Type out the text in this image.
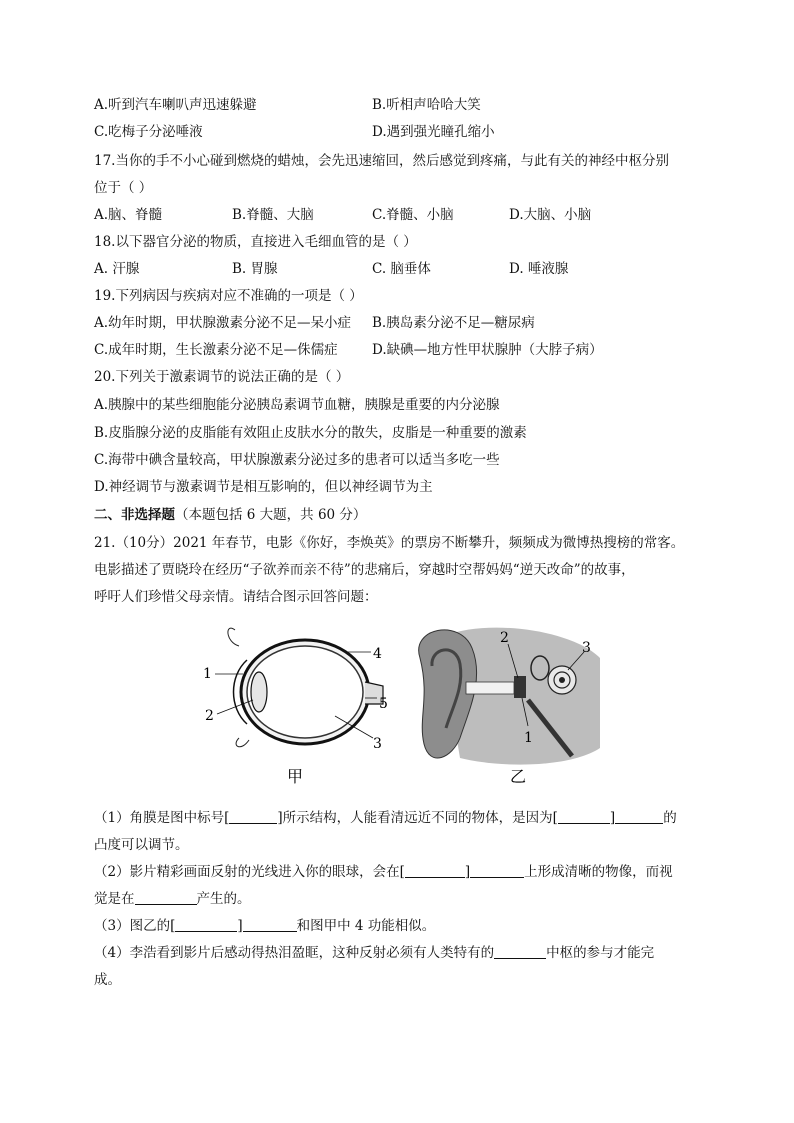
A.听到汽车喇叭声迅速躲避	B.听相声哈哈大笑
C.吃梅子分泌唾液	D.遇到强光瞳孔缩小
17.当你的手不小心碰到燃烧的蜡烛，会先迅速缩回，然后感觉到疼痛，与此有关的神经中枢分别
位于（ ）
A.脑、脊髓	B.脊髓、大脑	C.脊髓、小脑	D.大脑、小脑
18.以下器官分泌的物质，直接进入毛细血管的是（ ）
A. 汗腺	B. 胃腺	C. 脑垂体	D. 唾液腺
19.下列病因与疾病对应不准确的一项是（ ）
A.幼年时期，甲状腺激素分泌不足—呆小症 B.胰岛素分泌不足—糖尿病
C.成年时期，生长激素分泌不足—侏儒症	D.缺碘—地方性甲状腺肿（大脖子病）
20.下列关于激素调节的说法正确的是（ ）
A.胰腺中的某些细胞能分泌胰岛素调节血糖，胰腺是重要的内分泌腺
B.皮脂腺分泌的皮脂能有效阻止皮肤水分的散失，皮脂是一种重要的激素
C.海带中碘含量较高，甲状腺激素分泌过多的患者可以适当多吃一些
D.神经调节与激素调节是相互影响的，但以神经调节为主
二、非选择题（本题包括 6 大题，共 60 分）
21.（10分）2021 年春节，电影《你好，李焕英》的票房不断攀升，频频成为微博热搜榜的常客。
电影描述了贾晓玲在经历“子欲养而亲不待”的悲痛后，穿越时空帮妈妈“逆天改命”的故事，
呼吁人们珍惜父母亲情。请结合图示回答问题：
1
2
3
4
5
甲
2
3
1
乙
（1）角膜是图中标号[	]所示结构，人能看清远近不同的物体，是因为[	]	的
凸度可以调节。
（2）影片精彩画面反射的光线进入你的眼球，会在[	]	上形成清晰的物像，而视
觉是在	产生的。
（3）图乙的[	]	和图甲中 4 功能相似。
（4）李浩看到影片后感动得热泪盈眶，这种反射必须有人类特有的	中枢的参与才能完
成。
